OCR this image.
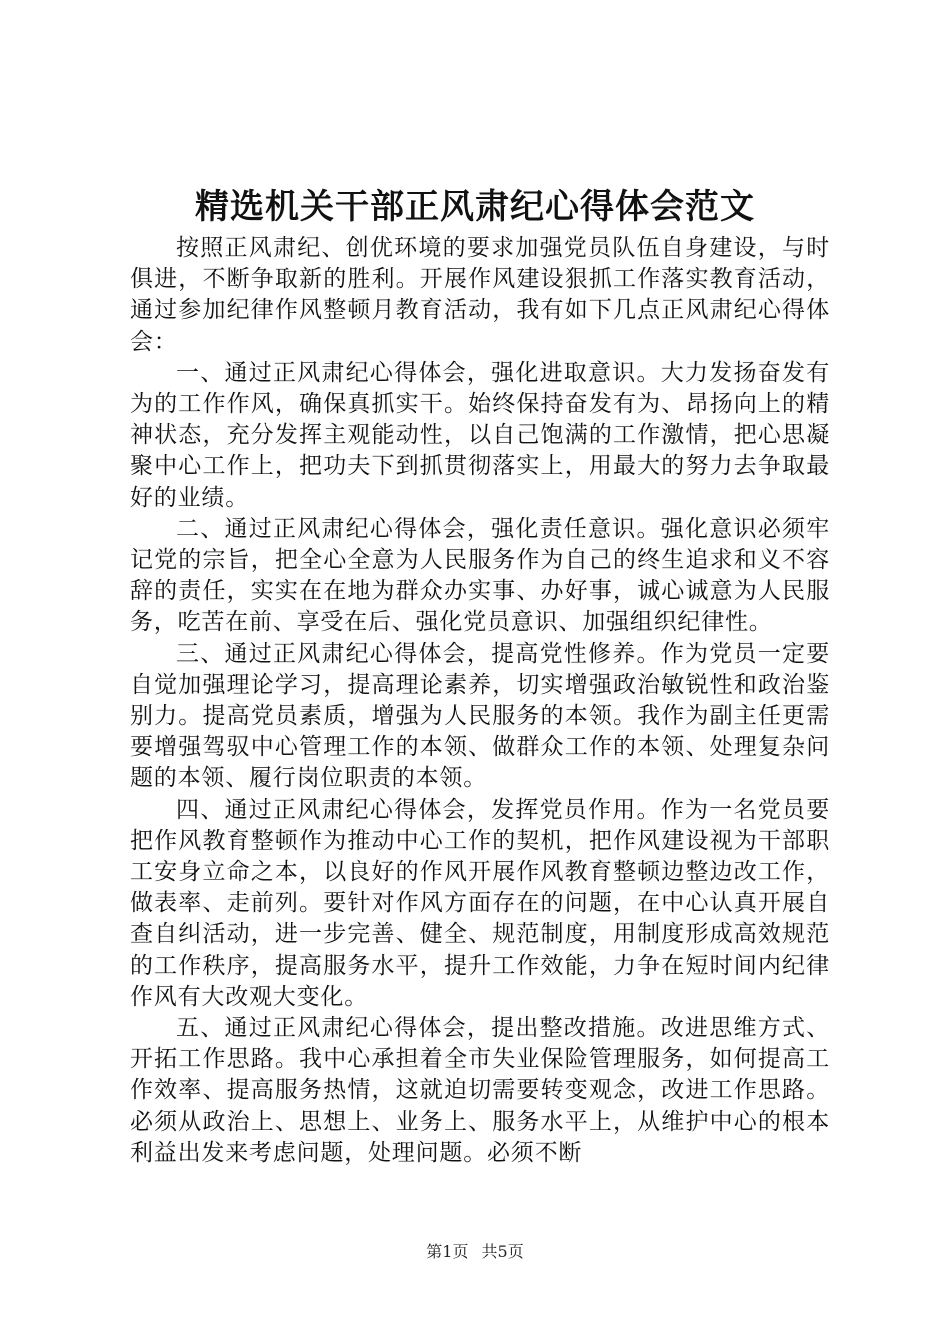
精选机关干部正风肃纪心得体会范文

按照正风肃纪、创优环境的要求加强党员队伍自身建设，与时俱进，不断争取新的胜利。开展作风建设狠抓工作落实教育活动，通过参加纪律作风整顿月教育活动，我有如下几点正风肃纪心得体会：

一、通过正风肃纪心得体会，强化进取意识。大力发扬奋发有为的工作作风，确保真抓实干。始终保持奋发有为、昂扬向上的精神状态，充分发挥主观能动性，以自己饱满的工作激情，把心思凝聚中心工作上，把功夫下到抓贯彻落实上，用最大的努力去争取最好的业绩。

二、通过正风肃纪心得体会，强化责任意识。强化意识必须牢记党的宗旨，把全心全意为人民服务作为自己的终生追求和义不容辞的责任，实实在在地为群众办实事、办好事，诚心诚意为人民服务，吃苦在前、享受在后、强化党员意识、加强组织纪律性。

三、通过正风肃纪心得体会，提高党性修养。作为党员一定要自觉加强理论学习，提高理论素养，切实增强政治敏锐性和政治鉴别力。提高党员素质，增强为人民服务的本领。我作为副主任更需要增强驾驭中心管理工作的本领、做群众工作的本领、处理复杂问题的本领、履行岗位职责的本领。

四、通过正风肃纪心得体会，发挥党员作用。作为一名党员要把作风教育整顿作为推动中心工作的契机，把作风建设视为干部职工安身立命之本，以良好的作风开展作风教育整顿边整边改工作，做表率、走前列。要针对作风方面存在的问题，在中心认真开展自查自纠活动，进一步完善、健全、规范制度，用制度形成高效规范的工作秩序，提高服务水平，提升工作效能，力争在短时间内纪律作风有大改观大变化。

五、通过正风肃纪心得体会，提出整改措施。改进思维方式、开拓工作思路。我中心承担着全市失业保险管理服务，如何提高工作效率、提高服务热情，这就迫切需要转变观念，改进工作思路。必须从政治上、思想上、业务上、服务水平上，从维护中心的根本利益出发来考虑问题，处理问题。必须不断

第1页 共5页
